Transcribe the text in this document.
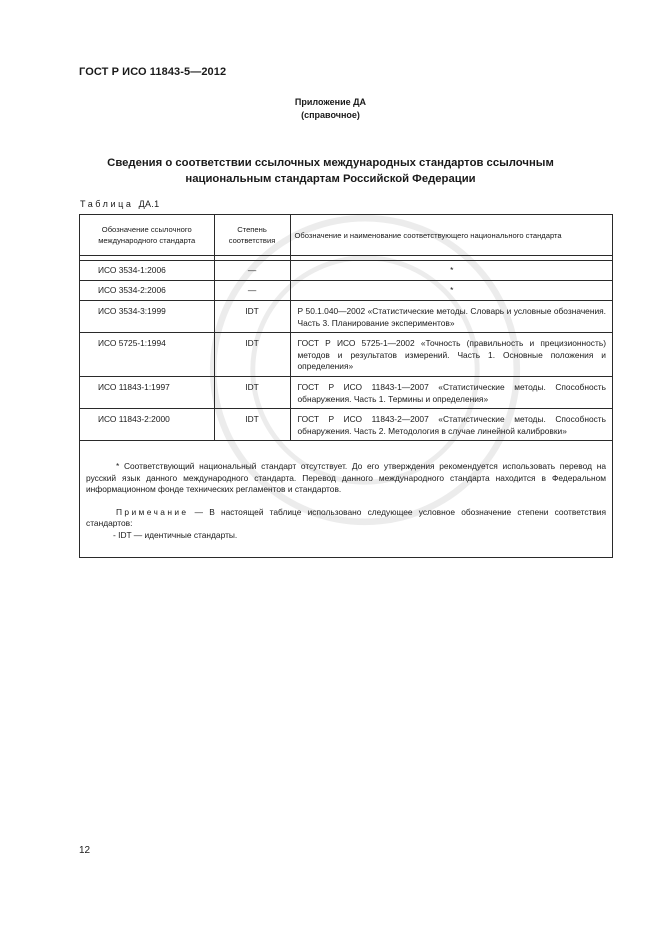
ГОСТ Р ИСО 11843-5—2012
Приложение ДА
(справочное)
Сведения о соответствии ссылочных международных стандартов ссылочным
национальным стандартам Российской Федерации
Таблица ДА.1
Обозначение ссылочного международного стандарта	Степень соответствия	Обозначение и наименование соответствующего национального стандарта

ИСО 3534-1:2006	—	*
ИСО 3534-2:2006	—	*
ИСО 3534-3:1999	IDT	Р 50.1.040—2002 «Статистические методы. Словарь и условные обозначения. Часть 3. Планирование экспериментов»
ИСО 5725-1:1994	IDT	ГОСТ Р ИСО 5725-1—2002 «Точность (правильность и прецизионность) методов и результатов измерений. Часть 1. Основные положения и определения»
ИСО 11843-1:1997	IDT	ГОСТ Р ИСО 11843-1—2007 «Статистические методы. Способность обнаружения. Часть 1. Термины и определения»
ИСО 11843-2:2000	IDT	ГОСТ Р ИСО 11843-2—2007 «Статистические методы. Способность обнаружения. Часть 2. Методология в случае линейной калибровки»

* Соответствующий национальный стандарт отсутствует. До его утверждения рекомендуется использовать перевод на русский язык данного международного стандарта. Перевод данного международного стандарта находится в Федеральном информационном фонде технических регламентов и стандартов.

Примечание — В настоящей таблице использовано следующее условное обозначение степени соответствия стандартов:

- IDT — идентичные стандарты.

12
